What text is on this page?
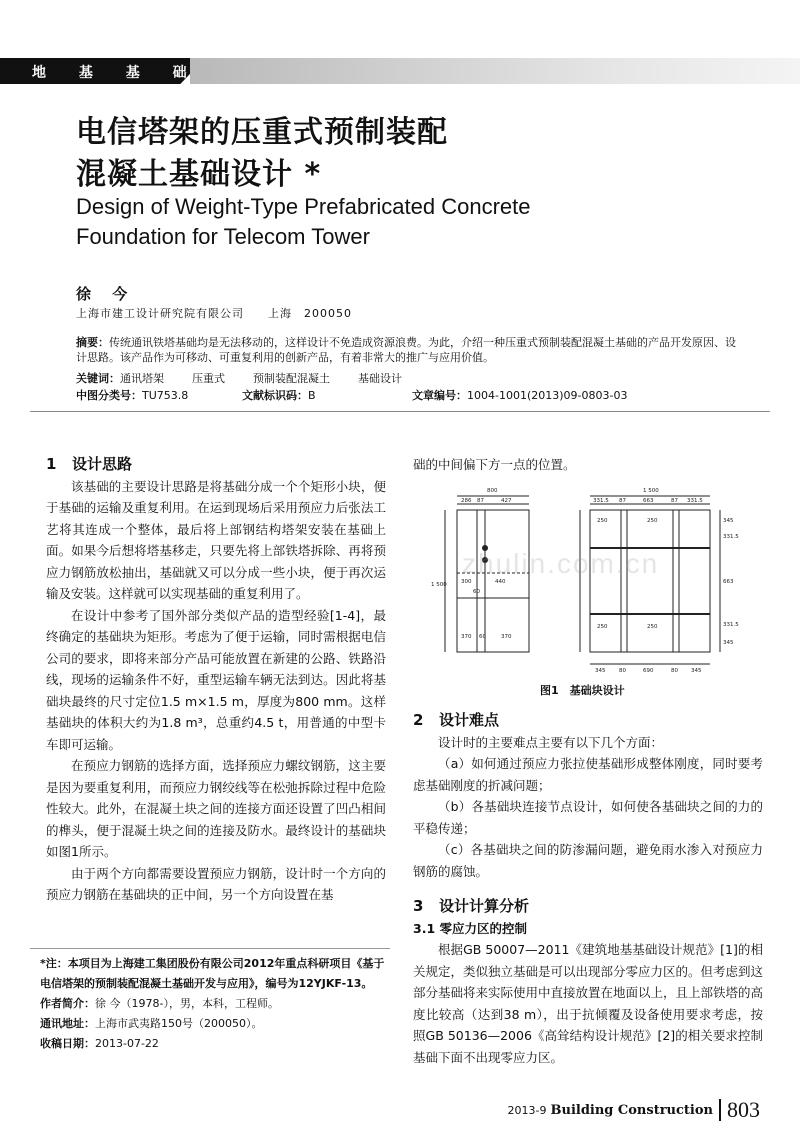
地 基 基 础
电信塔架的压重式预制装配
混凝土基础设计 *
Design of Weight-Type Prefabricated Concrete
Foundation for Telecom Tower
徐 今
上海市建工设计研究院有限公司　　上海　200050
摘要：传统通讯铁塔基础均是无法移动的，这样设计不免造成资源浪费。为此，介绍一种压重式预制装配混凝土基础的产品开发原因、设计思路。该产品作为可移动、可重复利用的创新产品，有着非常大的推广与应用价值。
关键词：通讯塔架	压重式	预制装配混凝土	基础设计
中图分类号：TU753.8	文献标识码：B	文章编号：1004-1001(2013)09-0803-03

1 设计思路

该基础的主要设计思路是将基础分成一个个矩形小块，便于基础的运输及重复利用。在运到现场后采用预应力后张法工艺将其连成一个整体，最后将上部钢结构塔架安装在基础上面。如果今后想将塔基移走，只要先将上部铁塔拆除、再将预应力钢筋放松抽出，基础就又可以分成一些小块，便于再次运输及安装。这样就可以实现基础的重复利用了。

在设计中参考了国外部分类似产品的造型经验[1-4]，最终确定的基础块为矩形。考虑为了便于运输，同时需根据电信公司的要求，即将来部分产品可能放置在新建的公路、铁路沿线，现场的运输条件不好，重型运输车辆无法到达。因此将基础块最终的尺寸定位1.5 m×1.5 m，厚度为800 mm。这样基础块的体积大约为1.8 m³，总重约4.5 t，用普通的中型卡车即可运输。

在预应力钢筋的选择方面，选择预应力螺纹钢筋，这主要是因为要重复利用，而预应力钢绞线等在松弛拆除过程中危险性较大。此外，在混凝土块之间的连接方面还设置了凹凸相间的榫头，便于混凝土块之间的连接及防水。最终设计的基础块如图1所示。

由于两个方向都需要设置预应力钢筋，设计时一个方向的预应力钢筋在基础块的正中间，另一个方向设置在基

*注：本项目为上海建工集团股份有限公司2012年重点科研项目《基于电信塔架的预制装配混凝土基础开发与应用》，编号为12YJKF-13。
作者简介：徐 今（1978-），男，本科，工程师。
通讯地址：上海市武夷路150号（200050）。
收稿日期：2013-07-22

础的中间偏下方一点的位置。

800
286 87	427
300	440
60
370 60	370
1 500
1 500
331.5 87	663	87 331.5
345 80	690	80 345
345
331.5
663
331.5
345
250	250
250	250
zhulin.com.cn
图1　基础块设计

2 设计难点

设计时的主要难点主要有以下几个方面：

（a）如何通过预应力张拉使基础形成整体刚度，同时要考虑基础刚度的折减问题；

（b）各基础块连接节点设计，如何使各基础块之间的力的平稳传递；

（c）各基础块之间的防渗漏问题，避免雨水渗入对预应力钢筋的腐蚀。

3 设计计算分析

3.1 零应力区的控制

根据GB 50007—2011《建筑地基基础设计规范》[1]的相关规定，类似独立基础是可以出现部分零应力区的。但考虑到这部分基础将来实际使用中直接放置在地面以上，且上部铁塔的高度比较高（达到38 m），出于抗倾覆及设备使用要求考虑，按照GB 50136—2006《高耸结构设计规范》[2]的相关要求控制基础下面不出现零应力区。

2013-9 Building Construction 803
